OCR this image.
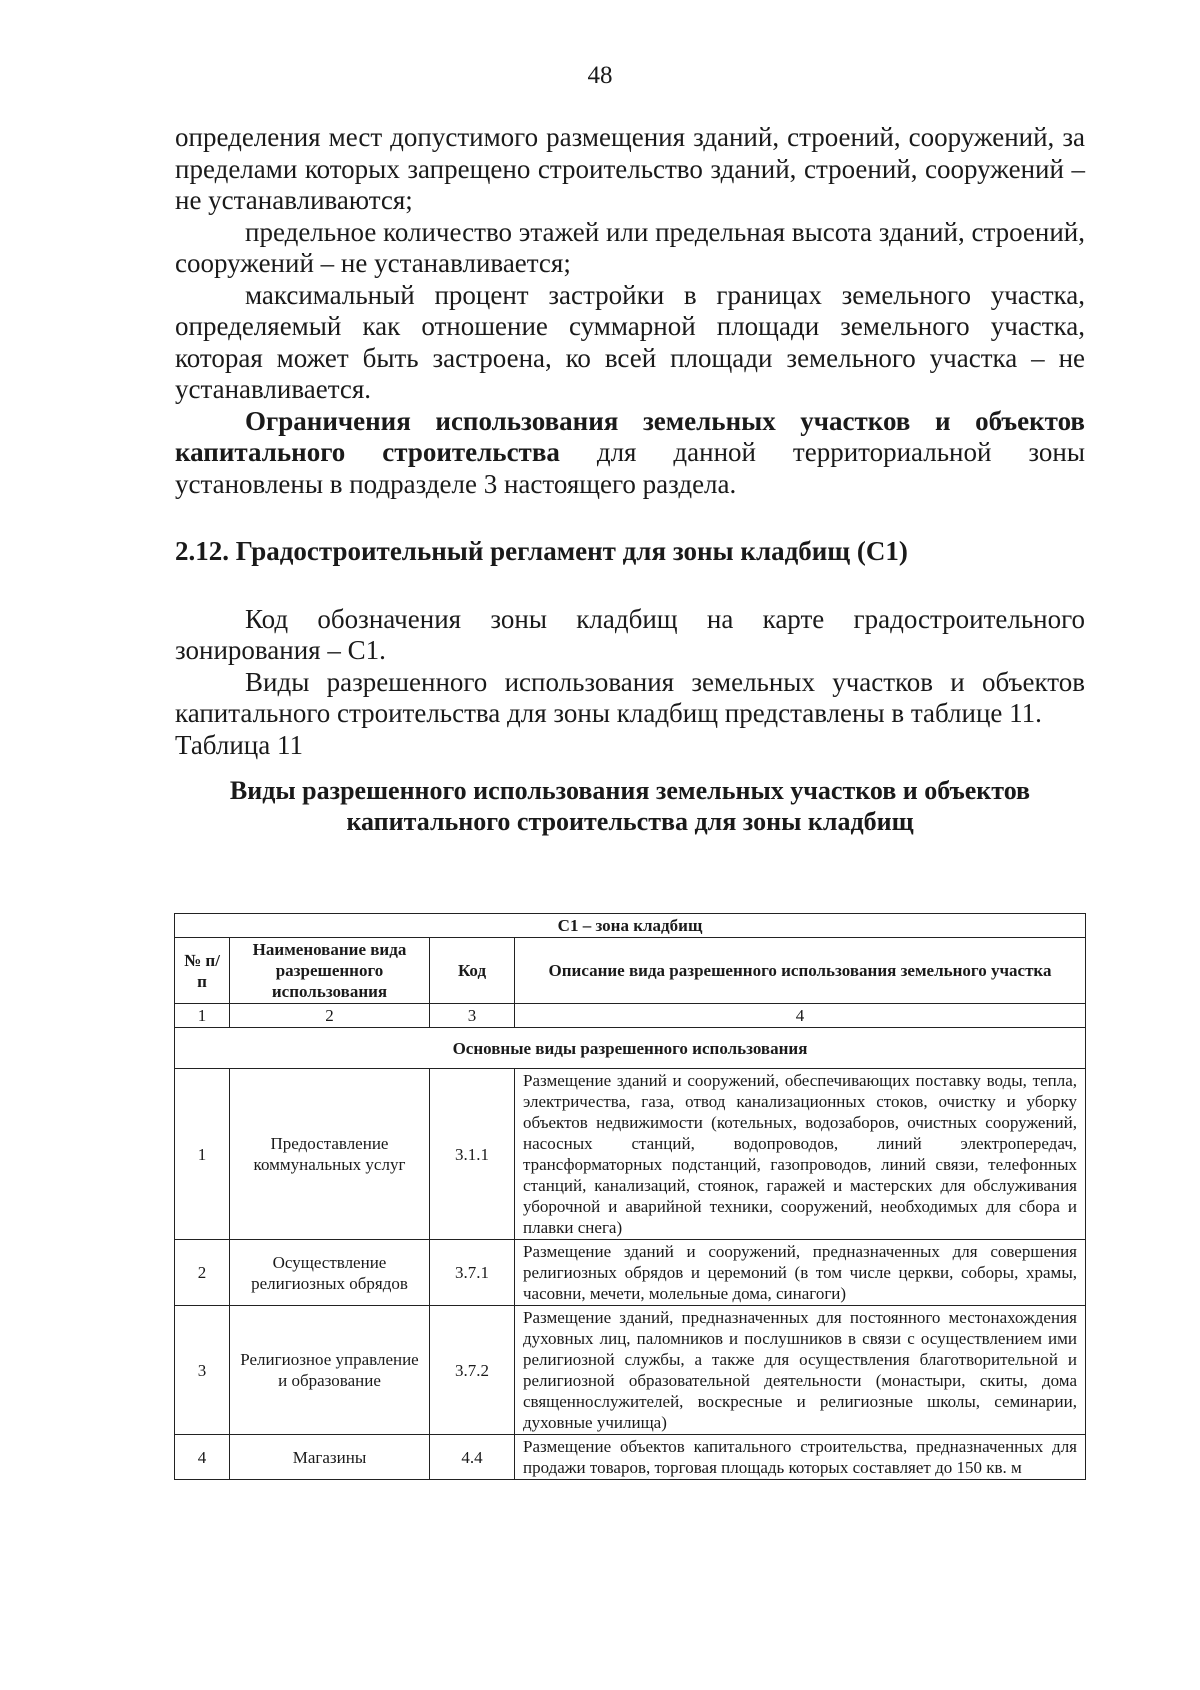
48

определения мест допустимого размещения зданий, строений, сооружений, за пределами которых запрещено строительство зданий, строений, сооружений – не устанавливаются;

предельное количество этажей или предельная высота зданий, строений, сооружений – не устанавливается;

максимальный процент застройки в границах земельного участка, определяемый как отношение суммарной площади земельного участка, которая может быть застроена, ко всей площади земельного участка – не устанавливается.

Ограничения использования земельных участков и объектов капитального строительства для данной территориальной зоны установлены в подразделе 3 настоящего раздела.

2.12. Градостроительный регламент для зоны кладбищ (С1)

Код обозначения зоны кладбищ на карте градостроительного зонирования – С1.

Виды разрешенного использования земельных участков и объектов капитального строительства для зоны кладбищ представлены в таблице 11.

Таблица 11

Виды разрешенного использования земельных участков и объектов капитального строительства для зоны кладбищ
С1 – зона кладбищ			
№ п/п	Наименование вида разрешенного использования	Код	Описание вида разрешенного использования земельного участка
1	2	3	4
Основные виды разрешенного использования			
1	Предоставление коммунальных услуг	3.1.1	Размещение зданий и сооружений, обеспечивающих поставку воды, тепла, электричества, газа, отвод канализационных стоков, очистку и уборку объектов недвижимости (котельных, водозаборов, очистных сооружений, насосных станций, водопроводов, линий электропередач, трансформаторных подстанций, газопроводов, линий связи, телефонных станций, канализаций, стоянок, гаражей и мастерских для обслуживания уборочной и аварийной техники, сооружений, необходимых для сбора и плавки снега)
2	Осуществление религиозных обрядов	3.7.1	Размещение зданий и сооружений, предназначенных для совершения религиозных обрядов и церемоний (в том числе церкви, соборы, храмы, часовни, мечети, молельные дома, синагоги)
3	Религиозное управление и образование	3.7.2	Размещение зданий, предназначенных для постоянного местонахождения духовных лиц, паломников и послушников в связи с осуществлением ими религиозной службы, а также для осуществления благотворительной и религиозной образовательной деятельности (монастыри, скиты, дома священнослужителей, воскресные и религиозные школы, семинарии, духовные училища)
4	Магазины	4.4	Размещение объектов капитального строительства, предназначенных для продажи товаров, торговая площадь которых составляет до 150 кв. м
